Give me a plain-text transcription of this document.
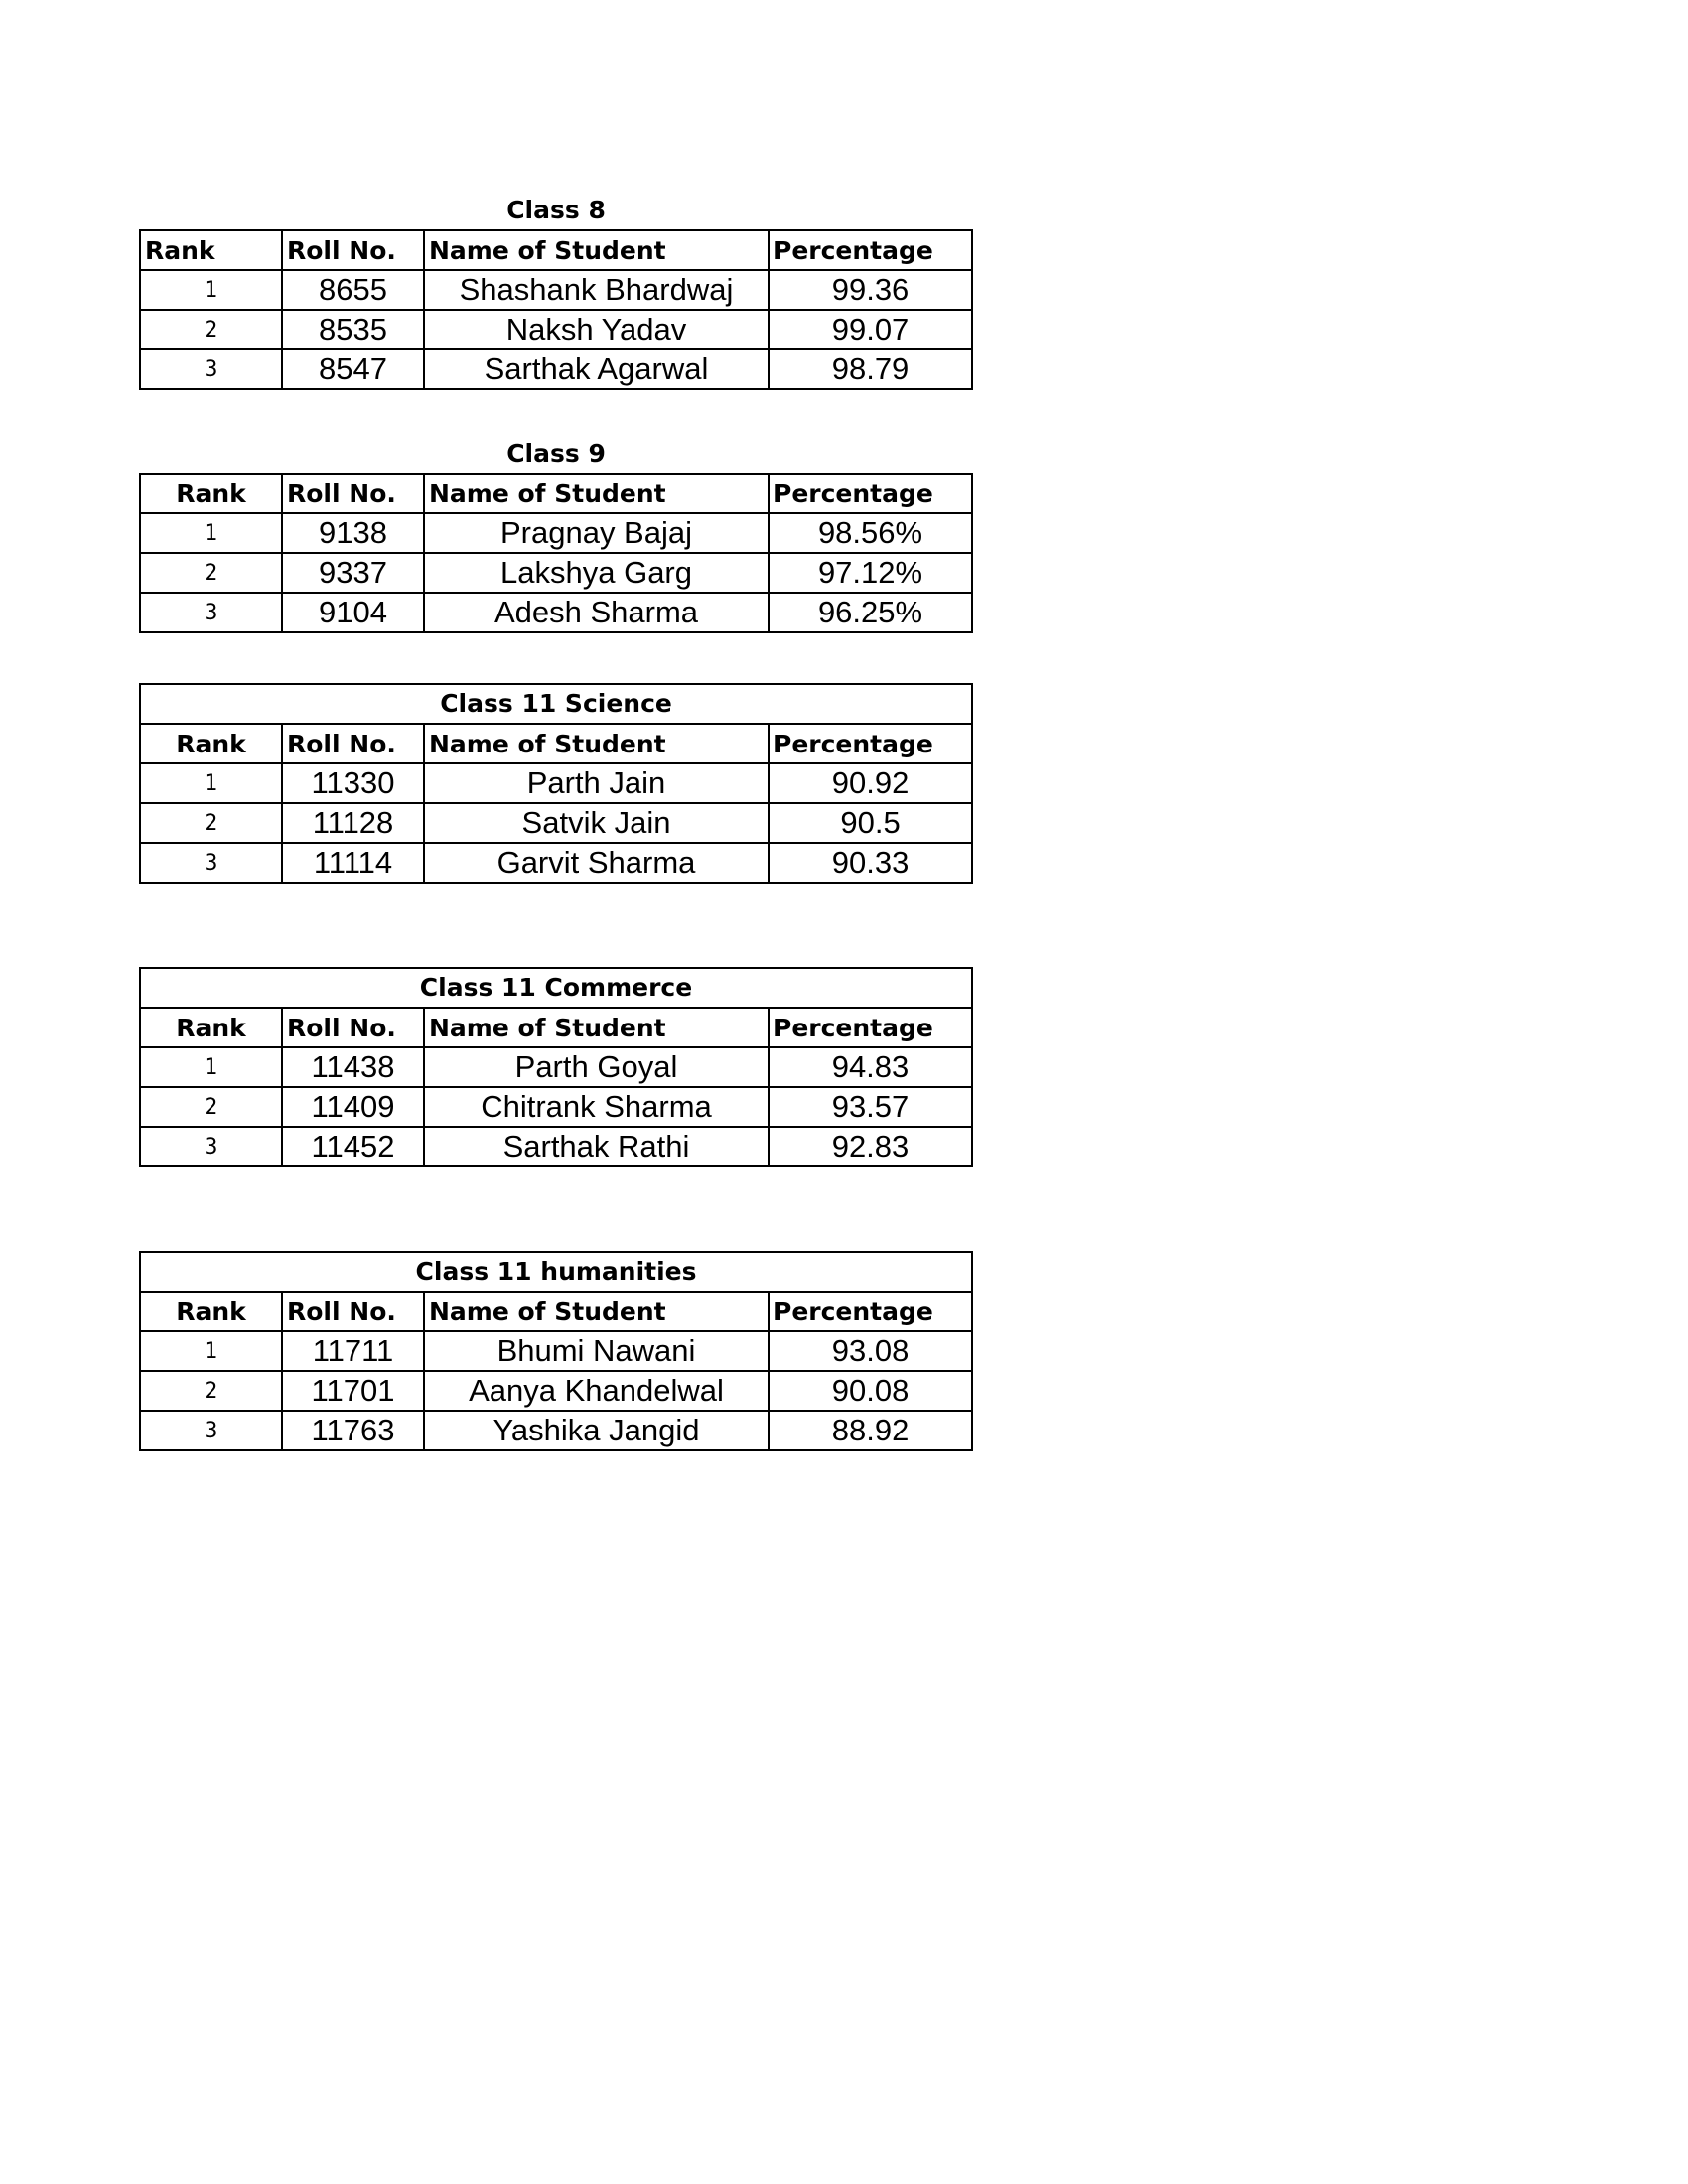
Class 8			
Rank	Roll No.	Name of Student	Percentage
1	8655	Shashank Bhardwaj	99.36
2	8535	Naksh Yadav	99.07
3	8547	Sarthak Agarwal	98.79
Class 9			
Rank	Roll No.	Name of Student	Percentage
1	9138	Pragnay Bajaj	98.56%
2	9337	Lakshya Garg	97.12%
3	9104	Adesh Sharma	96.25%
Class 11 Science			
Rank	Roll No.	Name of Student	Percentage
1	11330	Parth Jain	90.92
2	11128	Satvik Jain	90.5
3	11114	Garvit Sharma	90.33
Class 11 Commerce			
Rank	Roll No.	Name of Student	Percentage
1	11438	Parth Goyal	94.83
2	11409	Chitrank Sharma	93.57
3	11452	Sarthak Rathi	92.83
Class 11 humanities			
Rank	Roll No.	Name of Student	Percentage
1	11711	Bhumi Nawani	93.08
2	11701	Aanya Khandelwal	90.08
3	11763	Yashika Jangid	88.92
